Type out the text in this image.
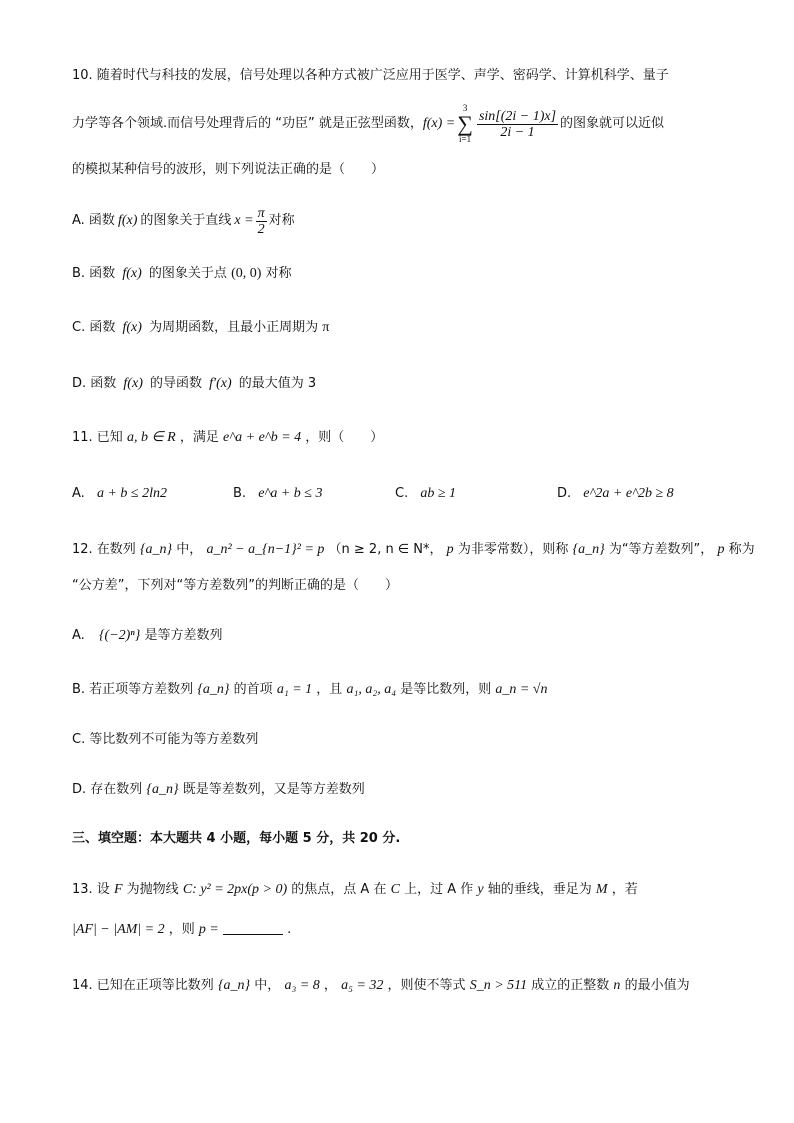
10. 随着时代与科技的发展，信号处理以各种方式被广泛应用于医学、声学、密码学、计算机科学、量子
力学等各个领域.而信号处理背后的 “功臣” 就是正弦型函数， f(x) =
3
∑
$i=1 \frac{\sin[(2i - 1)x]}{2i - 1}$ 的图象就可以近似
的模拟某种信号的波形，则下列说法正确的是（　　）
A. 函数 f(x) 的图象关于直线 $x = \frac{\pi}{2}$ 对称
B. 函数 f(x) 的图象关于点 (0, 0) 对称
C. 函数 f(x) 为周期函数，且最小正周期为 π
D. 函数 f(x) 的导函数 f′(x) 的最大值为 3
11. 已知 a, b ∈ R ，满足 e^a + e^b = 4 ，则（　　）
A. a + b ≤ 2ln2	B. e^a + b ≤ 3	C. ab ≥ 1	D. e^2a + e^2b ≥ 8
12. 在数列 {a_n} 中， a_n² − a_{n−1}² = p （n ≥ 2, n ∈ N*， p 为非零常数），则称 {a_n} 为“等方差数列”， p 称为
“公方差”，下列对“等方差数列”的判断正确的是（　　）
A. {(−2)ⁿ} 是等方差数列
B. 若正项等方差数列 {a_n} 的首项 a₁ = 1 ，且 a₁, a₂, a₄ 是等比数列，则 a_n = √n
C. 等比数列不可能为等方差数列
D. 存在数列 {a_n} 既是等差数列，又是等方差数列
三、填空题：本大题共 4 小题，每小题 5 分，共 20 分.
13. 设 F 为抛物线 C: y² = 2px(p > 0) 的焦点，点 A 在 C 上，过 A 作 y 轴的垂线，垂足为 M ，若
|AF| − |AM| = 2 ，则 p =	.
14. 已知在正项等比数列 {a_n} 中， a₃ = 8 ， a₅ = 32 ，则使不等式 S_n > 511 成立的正整数 n 的最小值为
